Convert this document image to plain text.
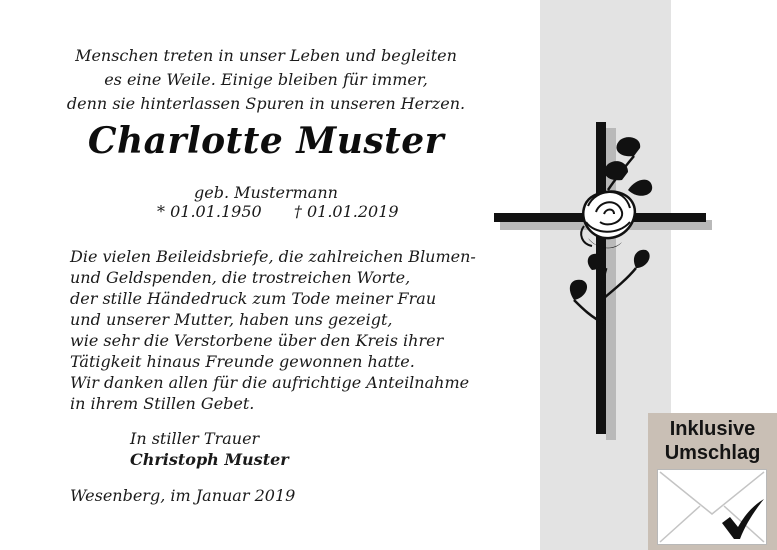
Menschen treten in unser Leben und begleiten
es eine Weile. Einige bleiben für immer,
denn sie hinterlassen Spuren in unseren Herzen.
Charlotte Muster
geb. Mustermann
* 01.01.1950 † 01.01.2019
Die vielen Beileidsbriefe, die zahlreichen Blumen-
und Geldspenden, die trostreichen Worte,
der stille Händedruck zum Tode meiner Frau
und unserer Mutter, haben uns gezeigt,
wie sehr die Verstorbene über den Kreis ihrer
Tätigkeit hinaus Freunde gewonnen hatte.
Wir danken allen für die aufrichtige Anteilnahme
in ihrem Stillen Gebet.
In stiller Trauer
Christoph Muster
Wesenberg, im Januar 2019
Inklusive
Umschlag
